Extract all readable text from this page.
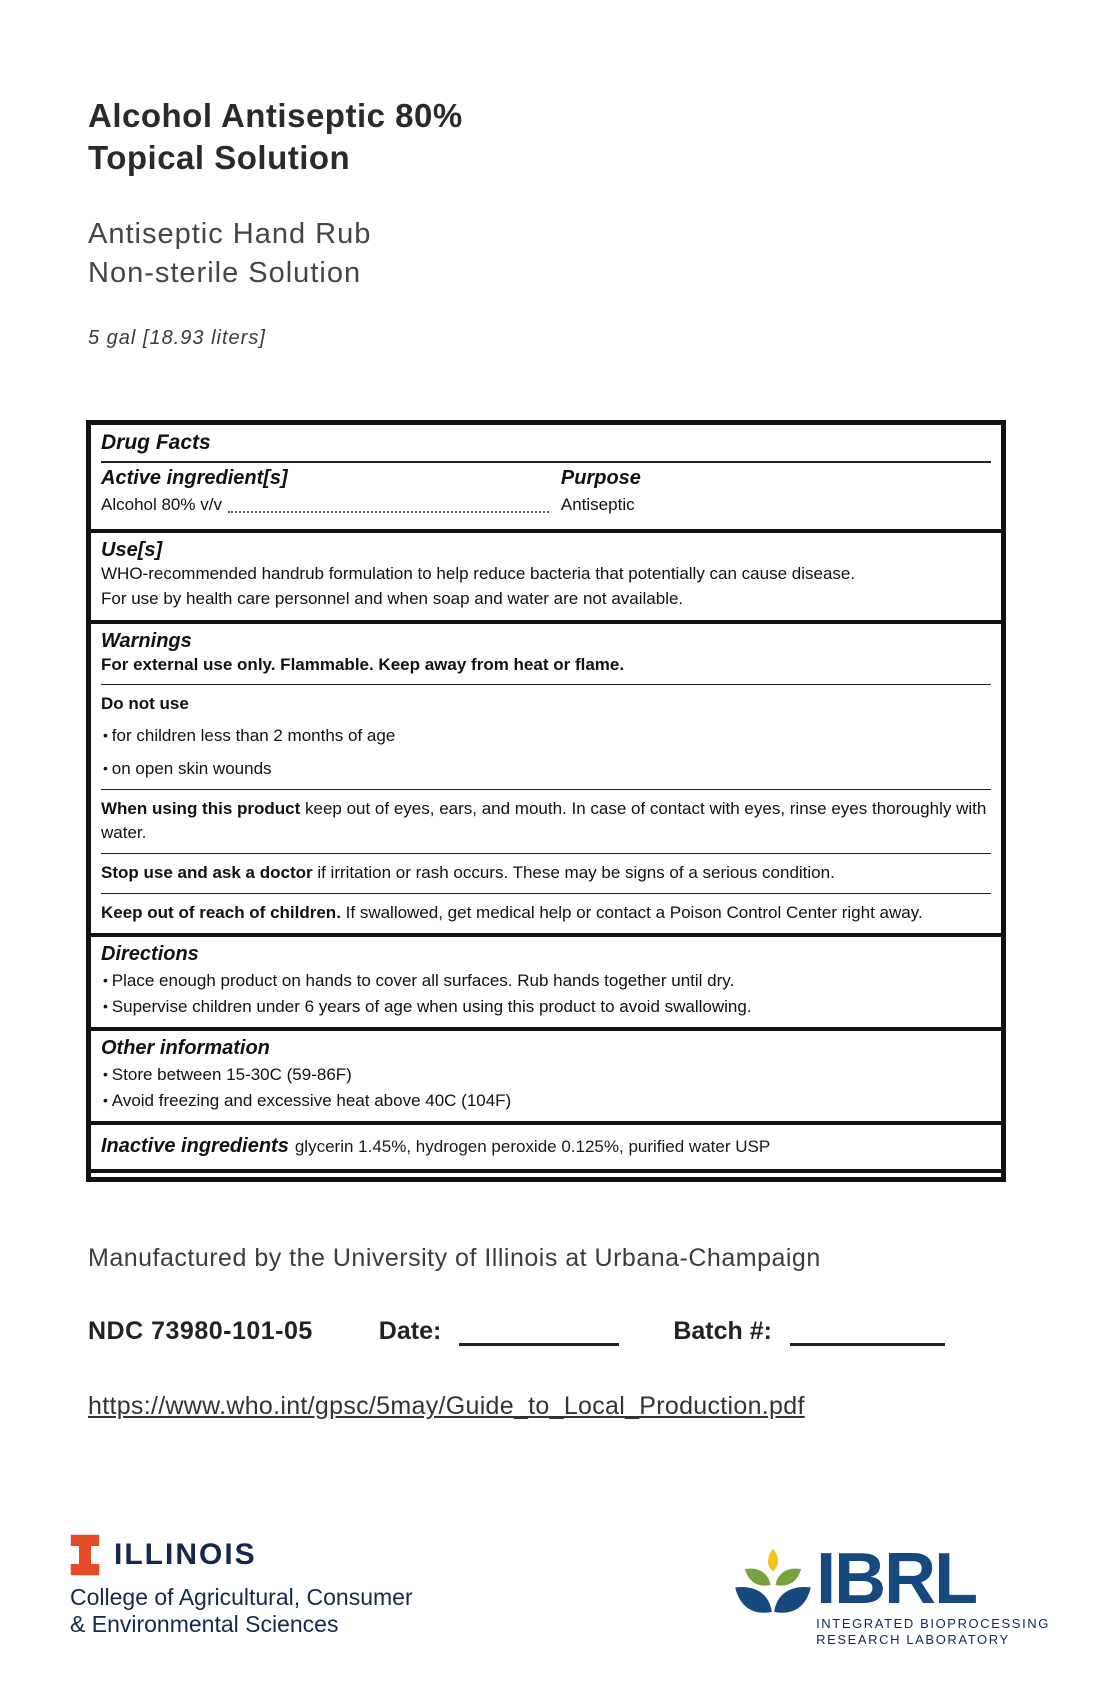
Alcohol Antiseptic 80%
Topical Solution
Antiseptic Hand Rub
Non-sterile Solution
5 gal [18.93 liters]
Drug Facts
Active ingredient[s]
Alcohol 80% v/v
Purpose
Antiseptic
Use[s]
WHO-recommended handrub formulation to help reduce bacteria that potentially can cause disease.
For use by health care personnel and when soap and water are not available.
Warnings
For external use only. Flammable. Keep away from heat or flame.
Do not use
• for children less than 2 months of age
• on open skin wounds
When using this product keep out of eyes, ears, and mouth. In case of contact with eyes, rinse eyes thoroughly with water.
Stop use and ask a doctor if irritation or rash occurs. These may be signs of a serious condition.
Keep out of reach of children. If swallowed, get medical help or contact a Poison Control Center right away.
Directions
• Place enough product on hands to cover all surfaces. Rub hands together until dry.
• Supervise children under 6 years of age when using this product to avoid swallowing.
Other information
• Store between 15-30C (59-86F)
• Avoid freezing and excessive heat above 40C (104F)
Inactive ingredients glycerin 1.45%, hydrogen peroxide 0.125%, purified water USP
Manufactured by the University of Illinois at Urbana-Champaign
NDC 73980-101-05	Date:	Batch #:
https://www.who.int/gpsc/5may/Guide_to_Local_Production.pdf
ILLINOIS
College of Agricultural, Consumer
& Environmental Sciences
IBRL
INTEGRATED BIOPROCESSING
RESEARCH LABORATORY
